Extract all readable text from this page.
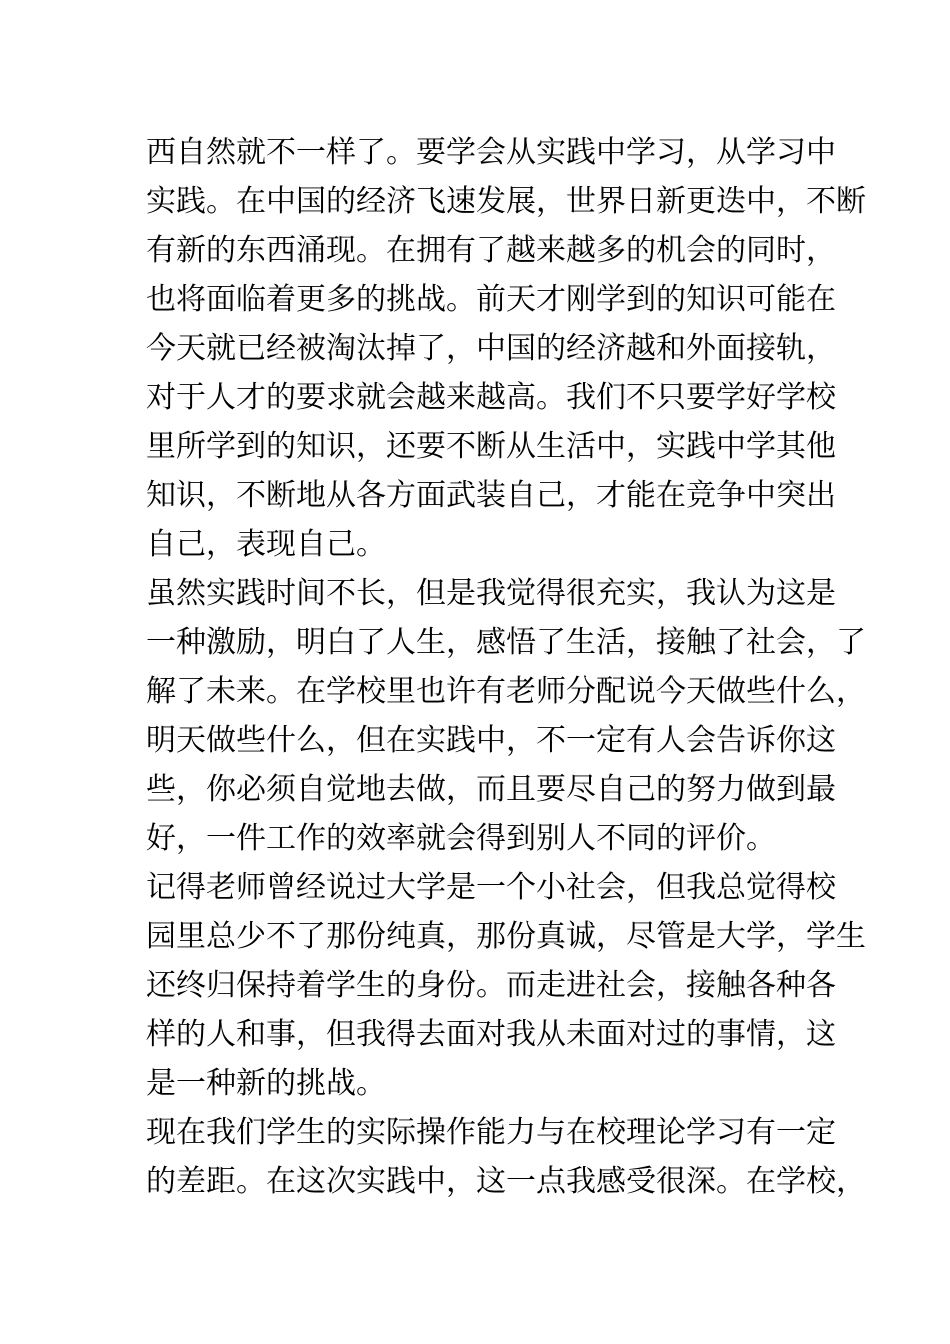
西自然就不一样了。要学会从实践中学习，从学习中
实践。在中国的经济飞速发展，世界日新更迭中，不断
有新的东西涌现。在拥有了越来越多的机会的同时，
也将面临着更多的挑战。前天才刚学到的知识可能在
今天就已经被淘汰掉了，中国的经济越和外面接轨，
对于人才的要求就会越来越高。我们不只要学好学校
里所学到的知识，还要不断从生活中，实践中学其他
知识，不断地从各方面武装自己，才能在竞争中突出
自己，表现自己。
虽然实践时间不长，但是我觉得很充实，我认为这是
一种激励，明白了人生，感悟了生活，接触了社会，了
解了未来。在学校里也许有老师分配说今天做些什么，
明天做些什么，但在实践中，不一定有人会告诉你这
些，你必须自觉地去做，而且要尽自己的努力做到最
好，一件工作的效率就会得到别人不同的评价。
记得老师曾经说过大学是一个小社会，但我总觉得校
园里总少不了那份纯真，那份真诚，尽管是大学，学生
还终归保持着学生的身份。而走进社会，接触各种各
样的人和事，但我得去面对我从未面对过的事情，这
是一种新的挑战。
现在我们学生的实际操作能力与在校理论学习有一定
的差距。在这次实践中，这一点我感受很深。在学校，
